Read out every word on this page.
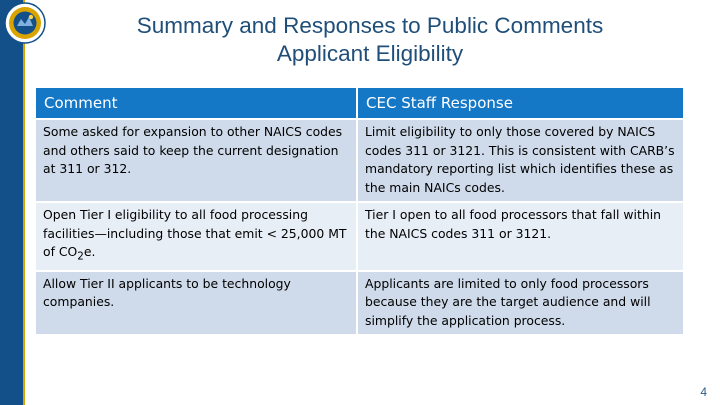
Summary and Responses to Public Comments
Applicant Eligibility
Comment	CEC Staff Response
Some asked for expansion to other NAICS codes and others said to keep the current designation at 311 or 312.	Limit eligibility to only those covered by NAICS codes 311 or 3121. This is consistent with CARB’s mandatory reporting list which identifies these as the main NAICs codes.
Open Tier I eligibility to all food processing facilities—including those that emit < 25,000 MT of $CO_2e$.	Tier I open to all food processors that fall within the NAICS codes 311 or 3121.
Allow Tier II applicants to be technology companies.	Applicants are limited to only food processors because they are the target audience and will simplify the application process.
4
